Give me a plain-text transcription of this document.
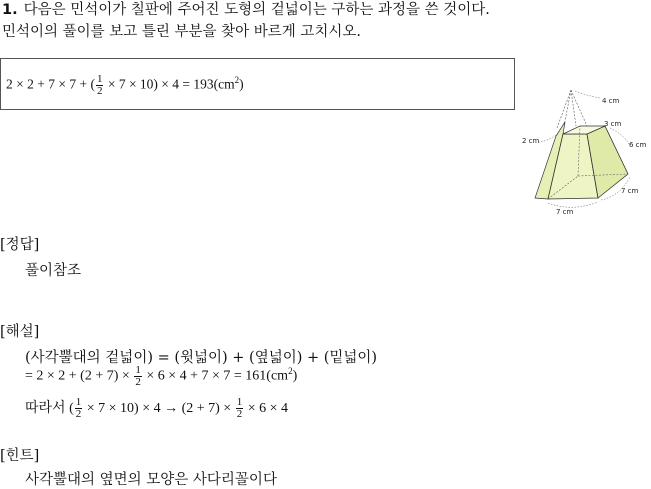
1. 다음은 민석이가 칠판에 주어진 도형의 겉넓이는 구하는 과정을 쓴 것이다.
민석이의 풀이를 보고 틀린 부분을 찾아 바르게 고치시오.
2 × 2 + 7 × 7 + ( $\frac{1}{2} \times 7 \times 10) \times 4 = 193(cm^2)$
4 cm
3 cm
2 cm	6 cm
7 cm
7 cm
[정답]
풀이참조
[해설]
(사각뿔대의 겉넓이) = (윗넓이) + (옆넓이) + (밑넓이)
= $2 \times 2 + (2 + 7) \times \frac{1}{2} \times 6 \times 4 + 7 \times 7 = 161(cm^2)$
따라서 ( $\frac{1}{2} \times 7 \times 10) \times 4 \to (2 + 7) \times \frac{1}{2} \times 6 \times 4$
[힌트]
사각뿔대의 옆면의 모양은 사다리꼴이다
